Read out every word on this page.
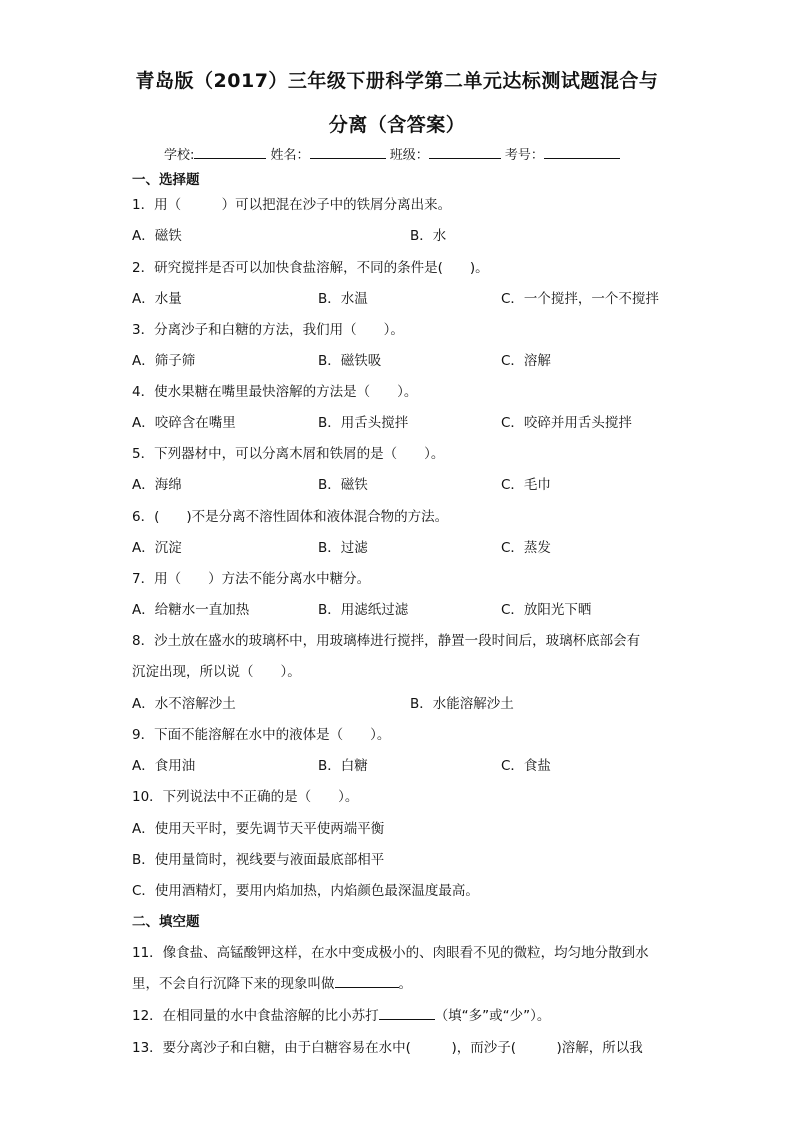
青岛版（2017）三年级下册科学第二单元达标测试题混合与
分离（含答案）
学校:	姓名：	班级：	考号：
一、选择题
1．用（　　　）可以把混在沙子中的铁屑分离出来。
A．磁铁	B．水
2．研究搅拌是否可以加快食盐溶解，不同的条件是(　　)。
A．水量	B．水温	C．一个搅拌，一个不搅拌
3．分离沙子和白糖的方法，我们用（　　）。
A．筛子筛	B．磁铁吸	C．溶解
4．使水果糖在嘴里最快溶解的方法是（　　）。
A．咬碎含在嘴里	B．用舌头搅拌	C．咬碎并用舌头搅拌
5．下列器材中，可以分离木屑和铁屑的是（　　）。
A．海绵	B．磁铁	C．毛巾
6．(　　)不是分离不溶性固体和液体混合物的方法。
A．沉淀	B．过滤	C．蒸发
7．用（　　）方法不能分离水中糖分。
A．给糖水一直加热	B．用滤纸过滤	C．放阳光下晒
8．沙土放在盛水的玻璃杯中，用玻璃棒进行搅拌，静置一段时间后，玻璃杯底部会有
沉淀出现，所以说（　　）。
A．水不溶解沙土	B．水能溶解沙土
9．下面不能溶解在水中的液体是（　　）。
A．食用油	B．白糖	C．食盐
10．下列说法中不正确的是（　　）。
A．使用天平时，要先调节天平使两端平衡
B．使用量筒时，视线要与液面最底部相平
C．使用酒精灯，要用内焰加热，内焰颜色最深温度最高。
二、填空题
11．像食盐、高锰酸钾这样，在水中变成极小的、肉眼看不见的微粒，均匀地分散到水
里，不会自行沉降下来的现象叫做	。
12．在相同量的水中食盐溶解的比小苏打	（填“多”或“少”）。
13．要分离沙子和白糖，由于白糖容易在水中(　　　)，而沙子(　　　)溶解，所以我
